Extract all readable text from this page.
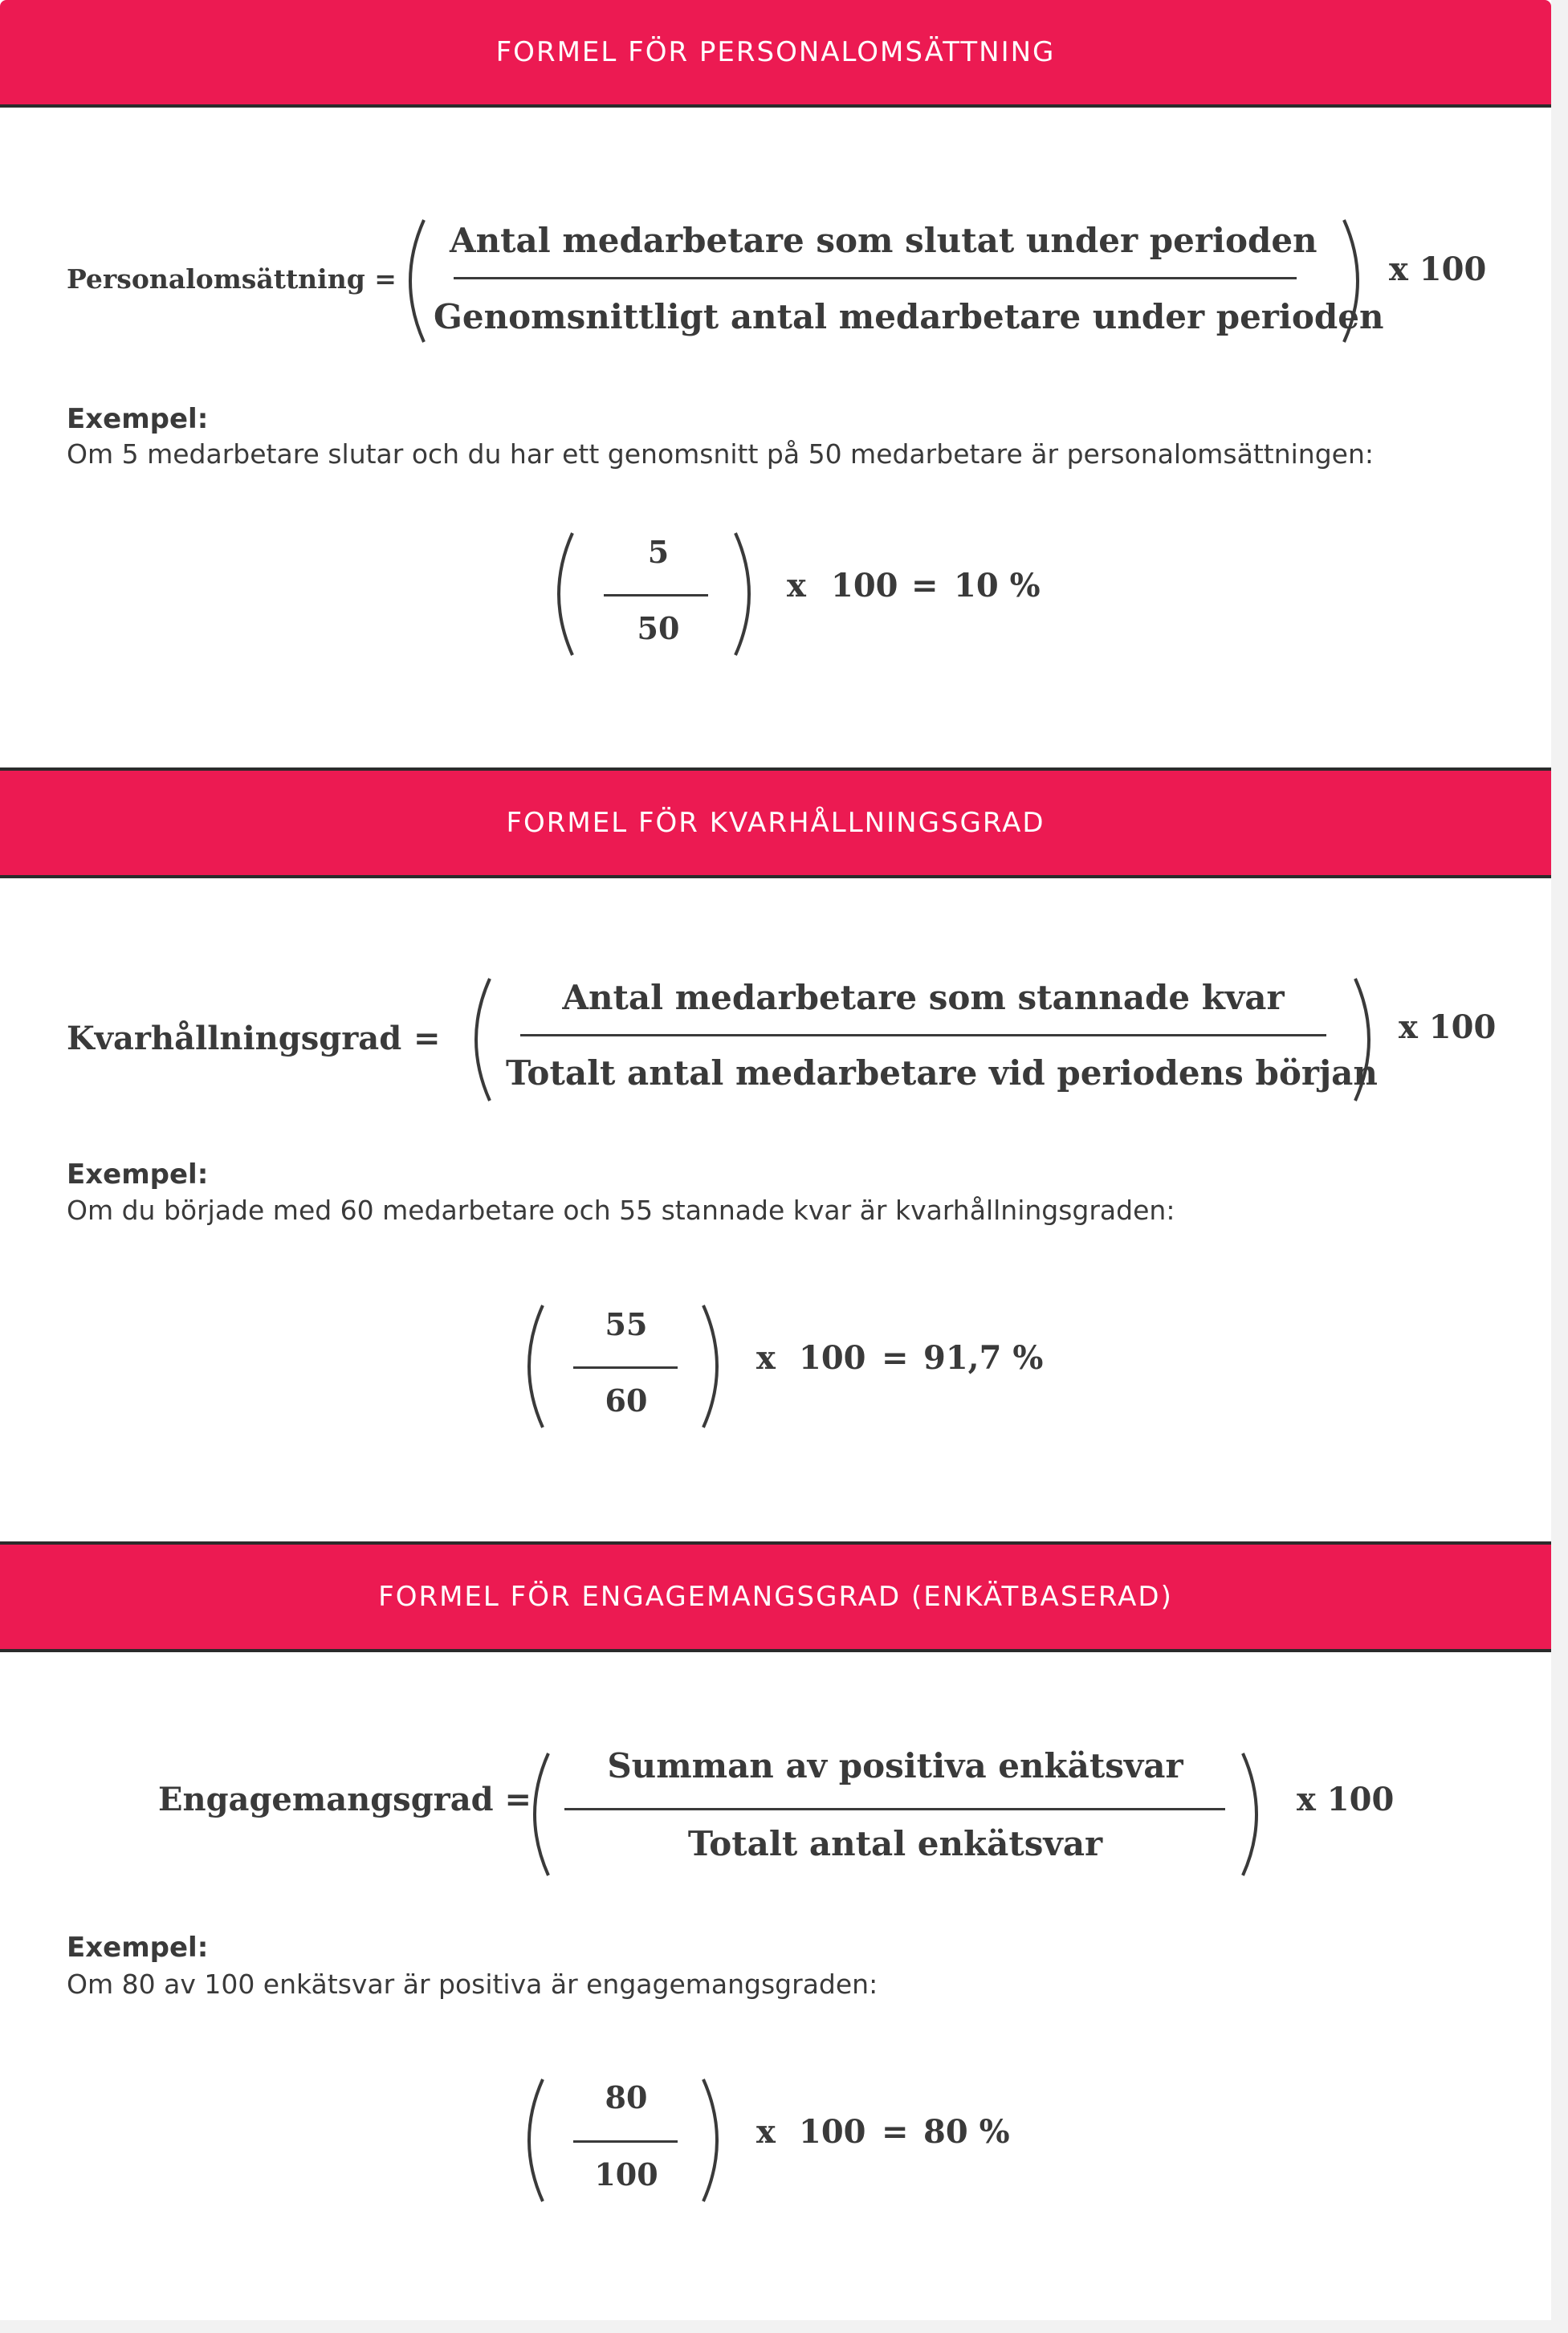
FORMEL FÖR PERSONALOMSÄTTNING
Personalomsättning =
Antal medarbetare som slutat under perioden
Genomsnittligt antal medarbetare under perioden
x 100
Exempel:
Om 5 medarbetare slutar och du har ett genomsnitt på 50 medarbetare är personalomsättningen:
5
50
x 100 = 10 %
FORMEL FÖR KVARHÅLLNINGSGRAD
Kvarhållningsgrad =
Antal medarbetare som stannade kvar
Totalt antal medarbetare vid periodens början
x 100
Exempel:
Om du började med 60 medarbetare och 55 stannade kvar är kvarhållningsgraden:
55
60
x 100 = 91,7 %
FORMEL FÖR ENGAGEMANGSGRAD (ENKÄTBASERAD)
Engagemangsgrad =
Summan av positiva enkätsvar
Totalt antal enkätsvar
x 100
Exempel:
Om 80 av 100 enkätsvar är positiva är engagemangsgraden:
80
100
x 100 = 80 %
